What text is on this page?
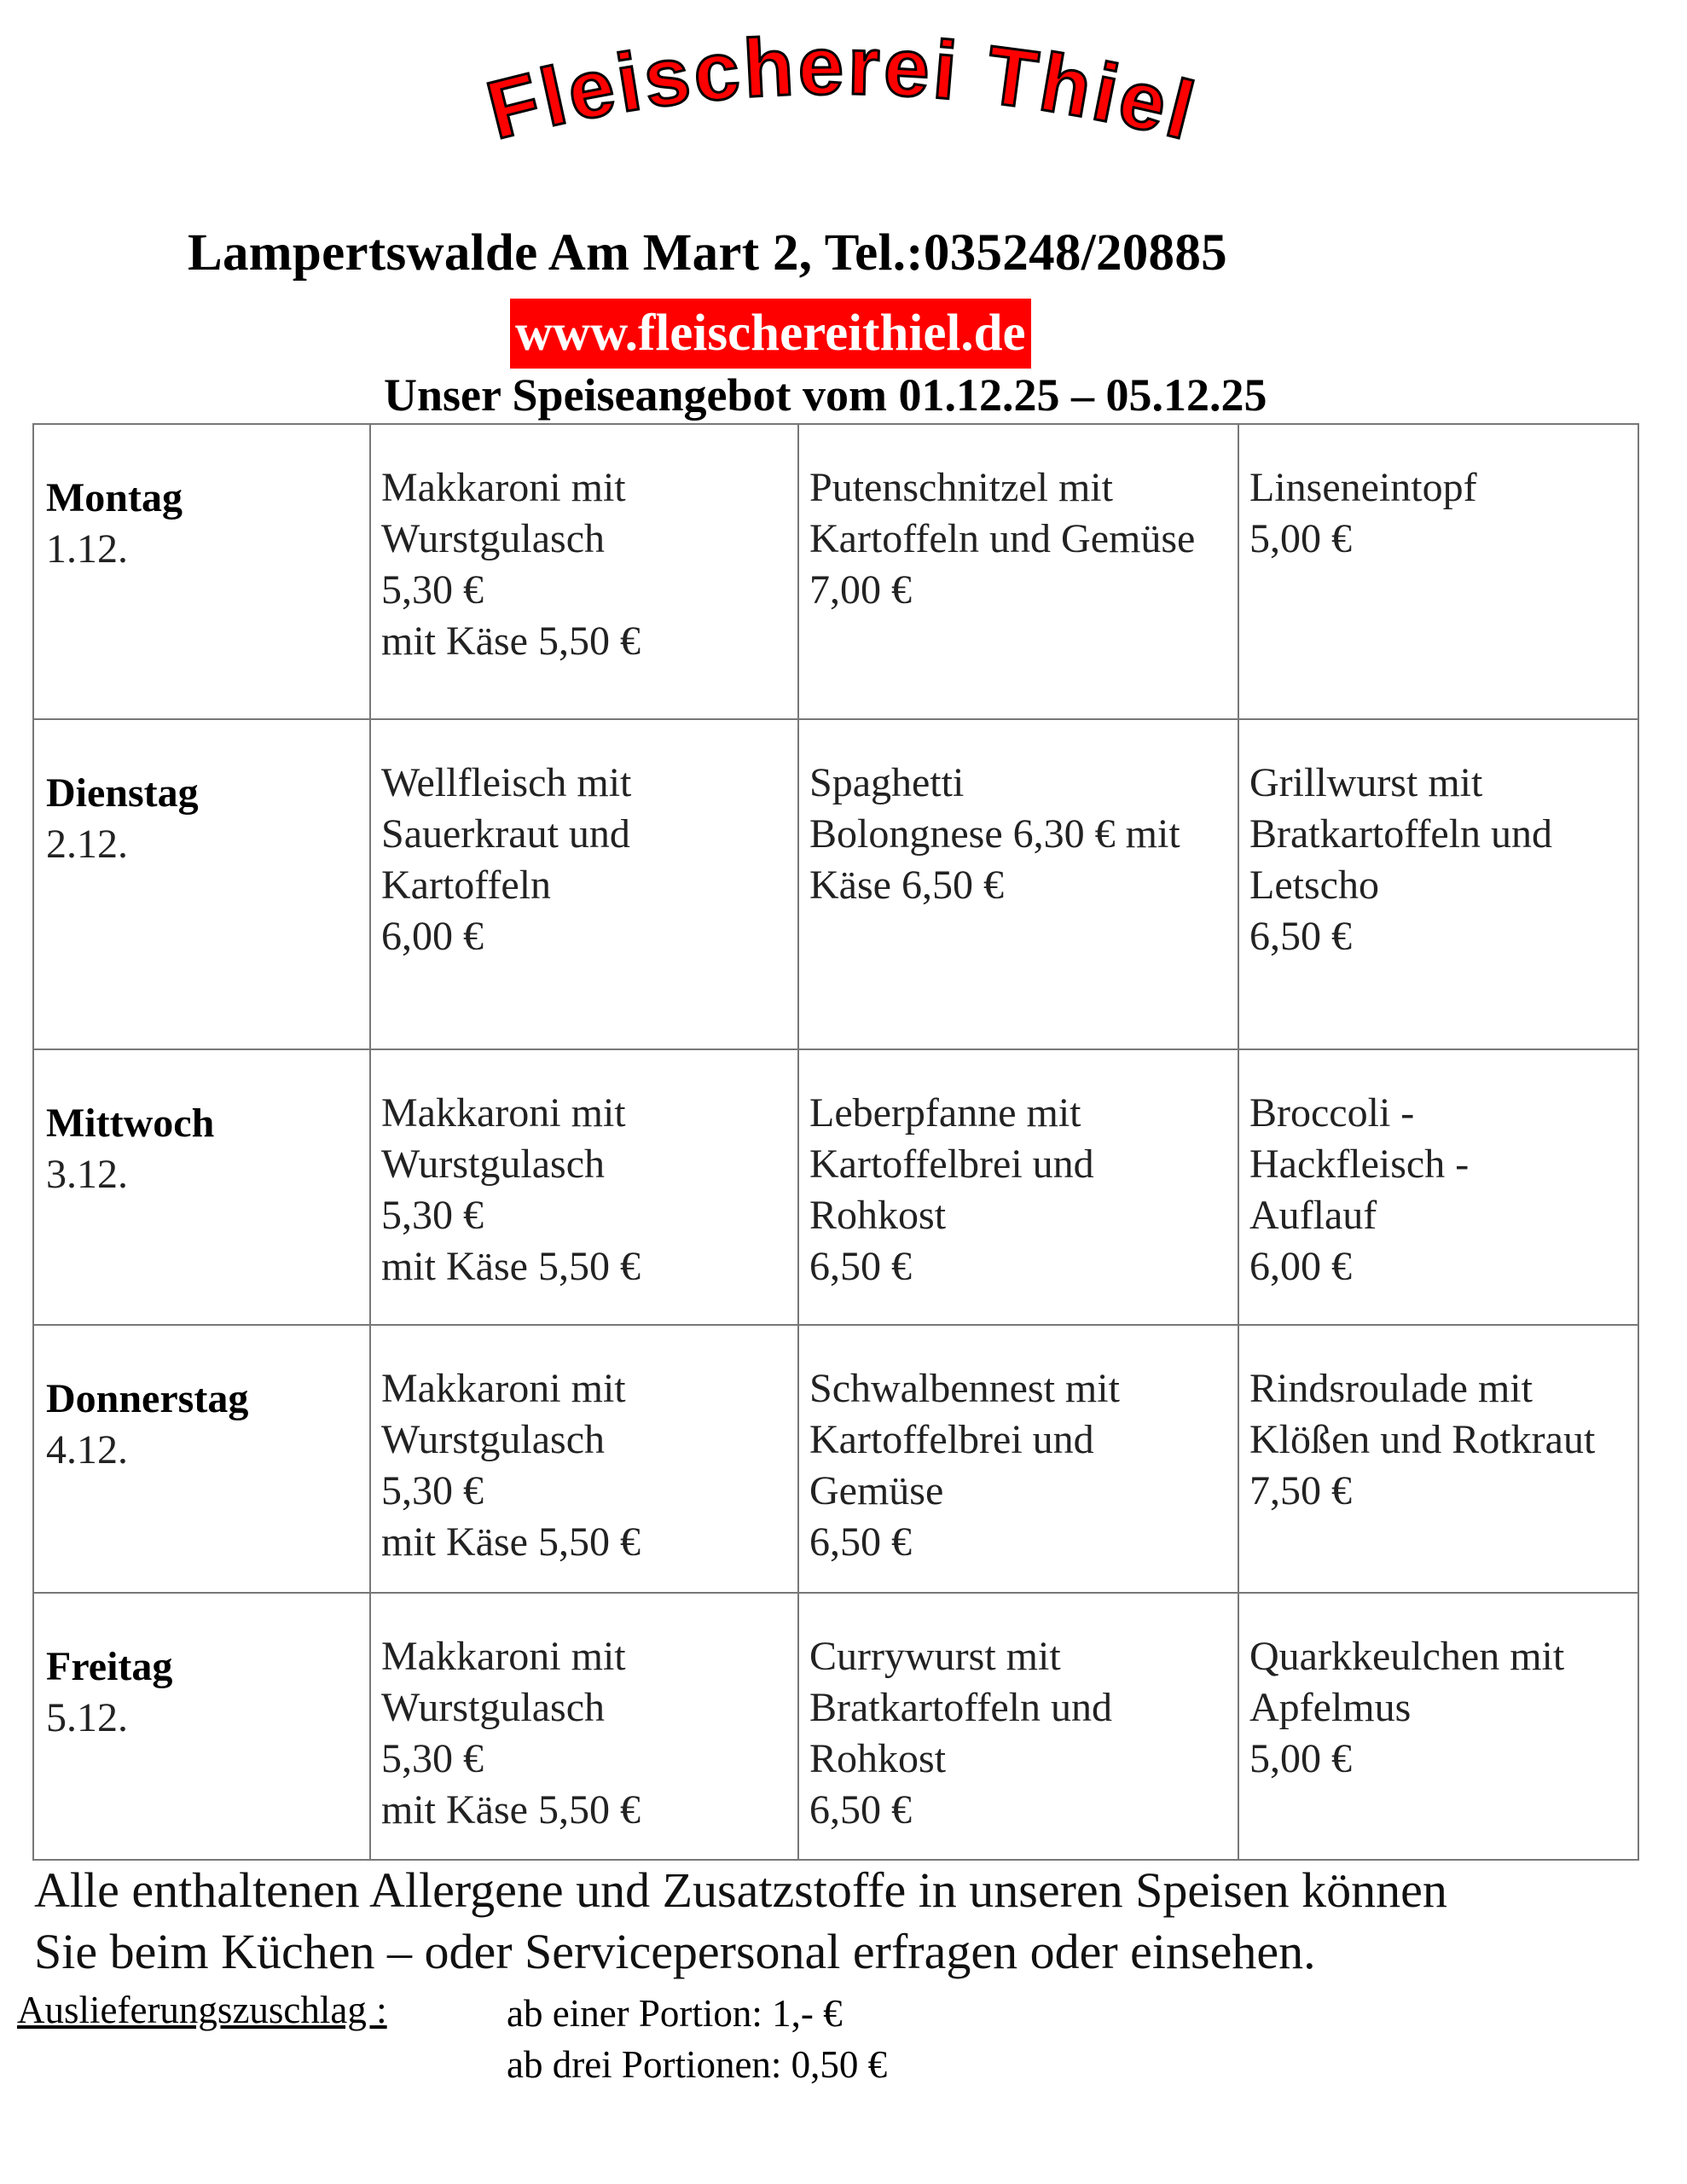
Fleischerei Thiel
Lampertswalde Am Mart 2, Tel.:035248/20885
www.fleischereithiel.de
Unser Speiseangebot vom 01.12.25 – 05.12.25
Montag
1.12.	Makkaroni mit
Wurstgulasch
5,30 €
mit Käse 5,50 €	Putenschnitzel mit
Kartoffeln und Gemüse
7,00 €	Linseneintopf
5,00 €

Dienstag
2.12.	Wellfleisch mit
Sauerkraut und
Kartoffeln
6,00 €	Spaghetti
Bolongnese 6,30 € mit
Käse 6,50 €	Grillwurst mit
Bratkartoffeln und
Letscho
6,50 €

Mittwoch
3.12.	Makkaroni mit
Wurstgulasch
5,30 €
mit Käse 5,50 €	Leberpfanne mit
Kartoffelbrei und
Rohkost
6,50 €	Broccoli -
Hackfleisch -
Auflauf
6,00 €

Donnerstag
4.12.	Makkaroni mit
Wurstgulasch
5,30 €
mit Käse 5,50 €	Schwalbennest mit
Kartoffelbrei und
Gemüse
6,50 €	Rindsroulade mit
Klößen und Rotkraut
7,50 €

Freitag
5.12.	Makkaroni mit
Wurstgulasch
5,30 €
mit Käse 5,50 €	Currywurst mit
Bratkartoffeln und
Rohkost
6,50 €	Quarkkeulchen mit
Apfelmus
5,00 €
Alle enthaltenen Allergene und Zusatzstoffe in unseren Speisen können
Sie beim Küchen – oder Servicepersonal erfragen oder einsehen.
Auslieferungszuschlag :	ab einer Portion: 1,- €
ab drei Portionen: 0,50 €
